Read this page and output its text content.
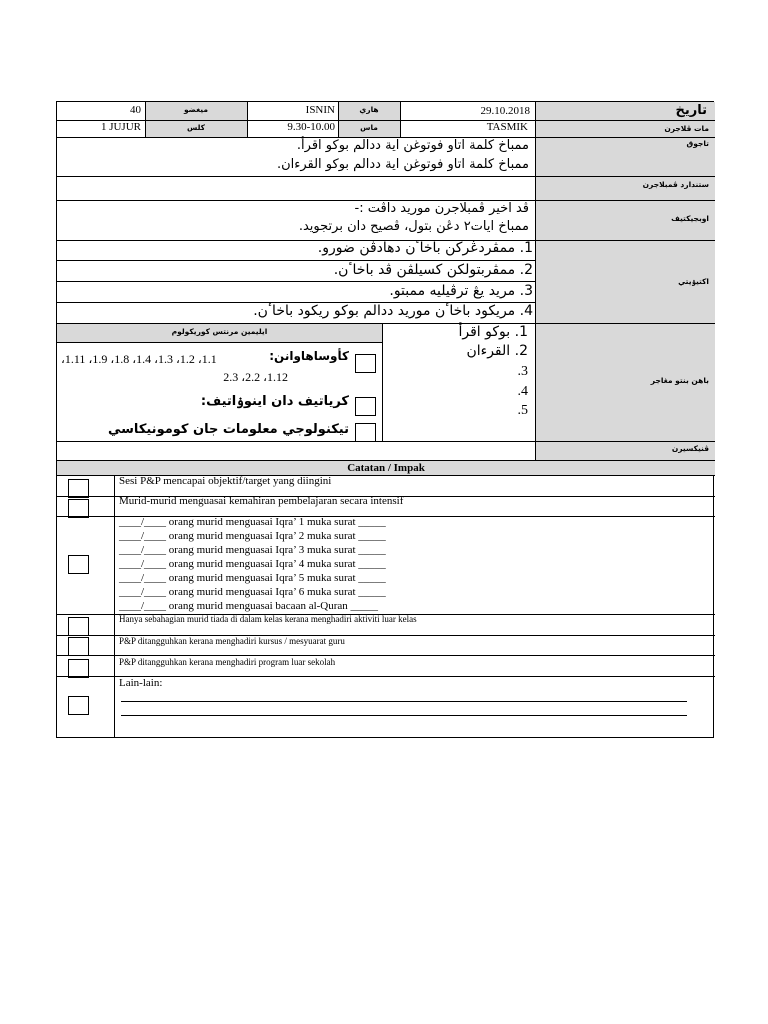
تاريخ
29.10.2018
هاري
ISNIN
ميغضو
40
مات ڤلاجرن
TASMIK
ماس
9.30-10.00
كلس
1 JUJUR
تاجوق
ممباخ كلمة اتاو فوتوغن اية ددالم بوكو اقرأ.
ممباخ كلمة اتاو فوتوغن اية ددالم بوكو القرءان.
ستندارد ڤمبلاجرن
اوبجيكتيف
ڤد اخير ڤمبلاجرن موريد داڤت :-
ممباخ ايات٢ دڠن بتول، ڤصيح دان برتجويد.
اكتيۏيتي
1. ممڤردڠركن باخاٴن دهادڤن ضورو.
2. ممڤربتولكن كسيلڤن ڤد باخاٴن.
3. مريد يڠ ترڤيليه ممبتو.
4. مريكود باخاٴن موريد ددالم بوكو ريكود باخاٴن.
ايليمين مرنتس كوريكولوم
كأوساهاوانن:
1.1، 1.2، 1.3، 1.4، 1.8، 1.9، 1.11،
1.12، 2.2، 2.3
كرياتيف دان اينوۏاتيف:
تيكنولوجي معلومات جان كومونيكاسي
باهن بنتو مڠاجر
1. بوكو اقرأ
2. القرءان
3.
4.
5.
ڤنيكسيرن
Catatan / Impak
Sesi P&P mencapai objektif/target yang diingini
Murid-murid menguasai kemahiran pembelajaran secara intensif
____/____ orang murid menguasai Iqra’ 1 muka surat _____
____/____ orang murid menguasai Iqra’ 2 muka surat _____
____/____ orang murid menguasai Iqra’ 3 muka surat _____
____/____ orang murid menguasai Iqra’ 4 muka surat _____
____/____ orang murid menguasai Iqra’ 5 muka surat _____
____/____ orang murid menguasai Iqra’ 6 muka surat _____
____/____ orang murid menguasai bacaan al-Quran _____
Hanya sebahagian murid tiada di dalam kelas kerana menghadiri aktiviti luar kelas
P&P ditangguhkan kerana menghadiri kursus / mesyuarat guru
P&P ditangguhkan kerana menghadiri program luar sekolah
Lain-lain:
